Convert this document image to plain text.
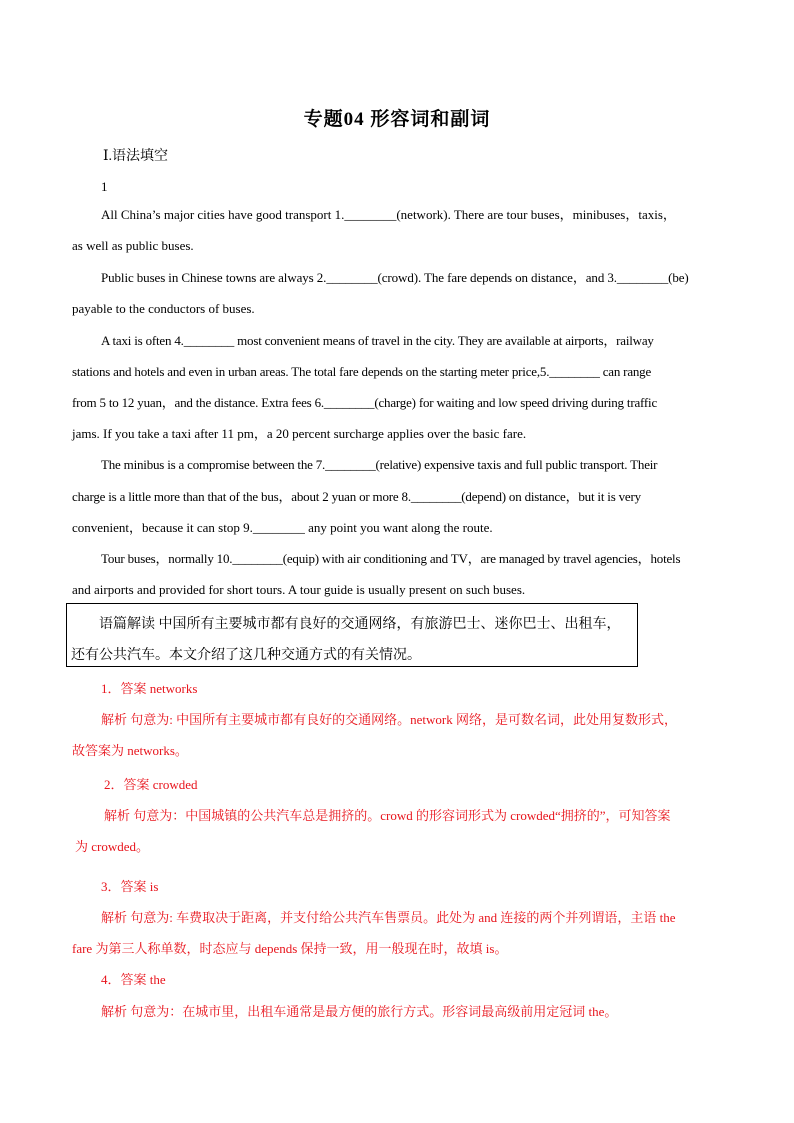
专题04 形容词和副词
Ⅰ.语法填空
1
All China’s major cities have good transport 1.________(network). There are tour buses，minibuses，taxis，
as well as public buses.
Public buses in Chinese towns are always 2.________(crowd). The fare depends on distance，and 3.________(be)
payable to the conductors of buses.
A taxi is often 4.________ most convenient means of travel in the city. They are available at airports，railway
stations and hotels and even in urban areas. The total fare depends on the starting meter price,5.________ can range
from 5 to 12 yuan，and the distance. Extra fees 6.________(charge) for waiting and low speed driving during traffic
jams. If you take a taxi after 11 pm，a 20 percent surcharge applies over the basic fare.
The minibus is a compromise between the 7.________(relative) expensive taxis and full public transport. Their
charge is a little more than that of the bus，about 2 yuan or more 8.________(depend) on distance，but it is very
convenient，because it can stop 9.________ any point you want along the route.
Tour buses，normally 10.________(equip) with air conditioning and TV，are managed by travel agencies，hotels
and airports and provided for short tours. A tour guide is usually present on such buses.
语篇解读 中国所有主要城市都有良好的交通网络，有旅游巴士、迷你巴士、出租车，
还有公共汽车。本文介绍了这几种交通方式的有关情况。
1．答案 networks
解析 句意为: 中国所有主要城市都有良好的交通网络。network 网络，是可数名词，此处用复数形式，
故答案为 networks。
2．答案 crowded
解析 句意为：中国城镇的公共汽车总是拥挤的。crowd 的形容词形式为 crowded“拥挤的”，可知答案
为 crowded。
3．答案 is
解析 句意为: 车费取决于距离，并支付给公共汽车售票员。此处为 and 连接的两个并列谓语，主语 the
fare 为第三人称单数，时态应与 depends 保持一致，用一般现在时，故填 is。
4．答案 the
解析 句意为：在城市里，出租车通常是最方便的旅行方式。形容词最高级前用定冠词 the。
